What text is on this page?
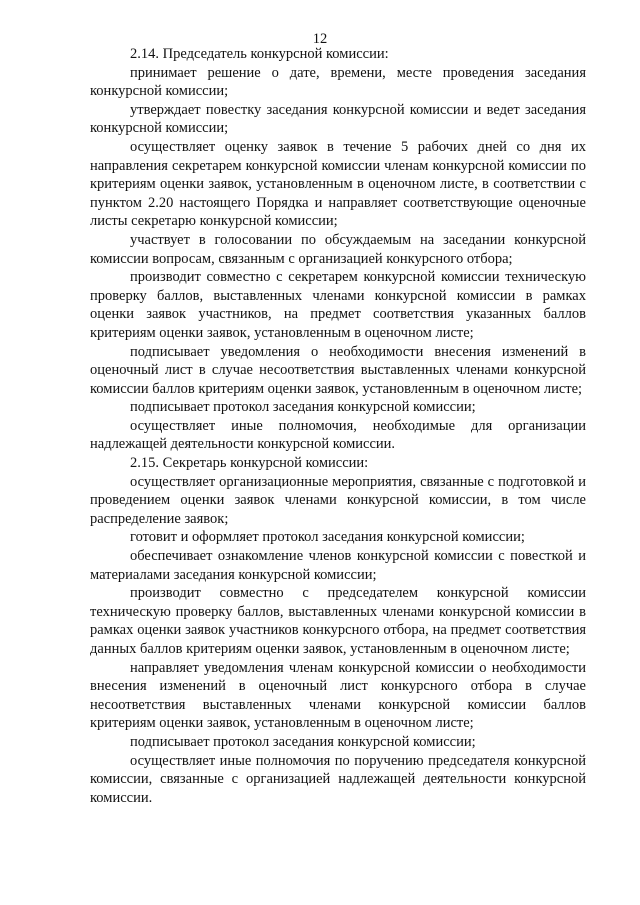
12

2.14. Председатель конкурсной комиссии:

принимает решение о дате, времени, месте проведения заседания конкурсной комиссии;

утверждает повестку заседания конкурсной комиссии и ведет заседания конкурсной комиссии;

осуществляет оценку заявок в течение 5 рабочих дней со дня их направления секретарем конкурсной комиссии членам конкурсной комиссии по критериям оценки заявок, установленным в оценочном листе, в соответствии с пунктом 2.20 настоящего Порядка и направляет соответствующие оценочные листы секретарю конкурсной комиссии;

участвует в голосовании по обсуждаемым на заседании конкурсной комиссии вопросам, связанным с организацией конкурсного отбора;

производит совместно с секретарем конкурсной комиссии техническую проверку баллов, выставленных членами конкурсной комиссии в рамках оценки заявок участников, на предмет соответствия указанных баллов критериям оценки заявок, установленным в оценочном листе;

подписывает уведомления о необходимости внесения изменений в оценочный лист в случае несоответствия выставленных членами конкурсной комиссии баллов критериям оценки заявок, установленным в оценочном листе;

подписывает протокол заседания конкурсной комиссии;

осуществляет иные полномочия, необходимые для организации надлежащей деятельности конкурсной комиссии.

2.15. Секретарь конкурсной комиссии:

осуществляет организационные мероприятия, связанные с подготовкой и проведением оценки заявок членами конкурсной комиссии, в том числе распределение заявок;

готовит и оформляет протокол заседания конкурсной комиссии;

обеспечивает ознакомление членов конкурсной комиссии с повесткой и материалами заседания конкурсной комиссии;

производит совместно с председателем конкурсной комиссии техническую проверку баллов, выставленных членами конкурсной комиссии в рамках оценки заявок участников конкурсного отбора, на предмет соответствия данных баллов критериям оценки заявок, установленным в оценочном листе;

направляет уведомления членам конкурсной комиссии о необходимости внесения изменений в оценочный лист конкурсного отбора в случае несоответствия выставленных членами конкурсной комиссии баллов критериям оценки заявок, установленным в оценочном листе;

подписывает протокол заседания конкурсной комиссии;

осуществляет иные полномочия по поручению председателя конкурсной комиссии, связанные с организацией надлежащей деятельности конкурсной комиссии.
